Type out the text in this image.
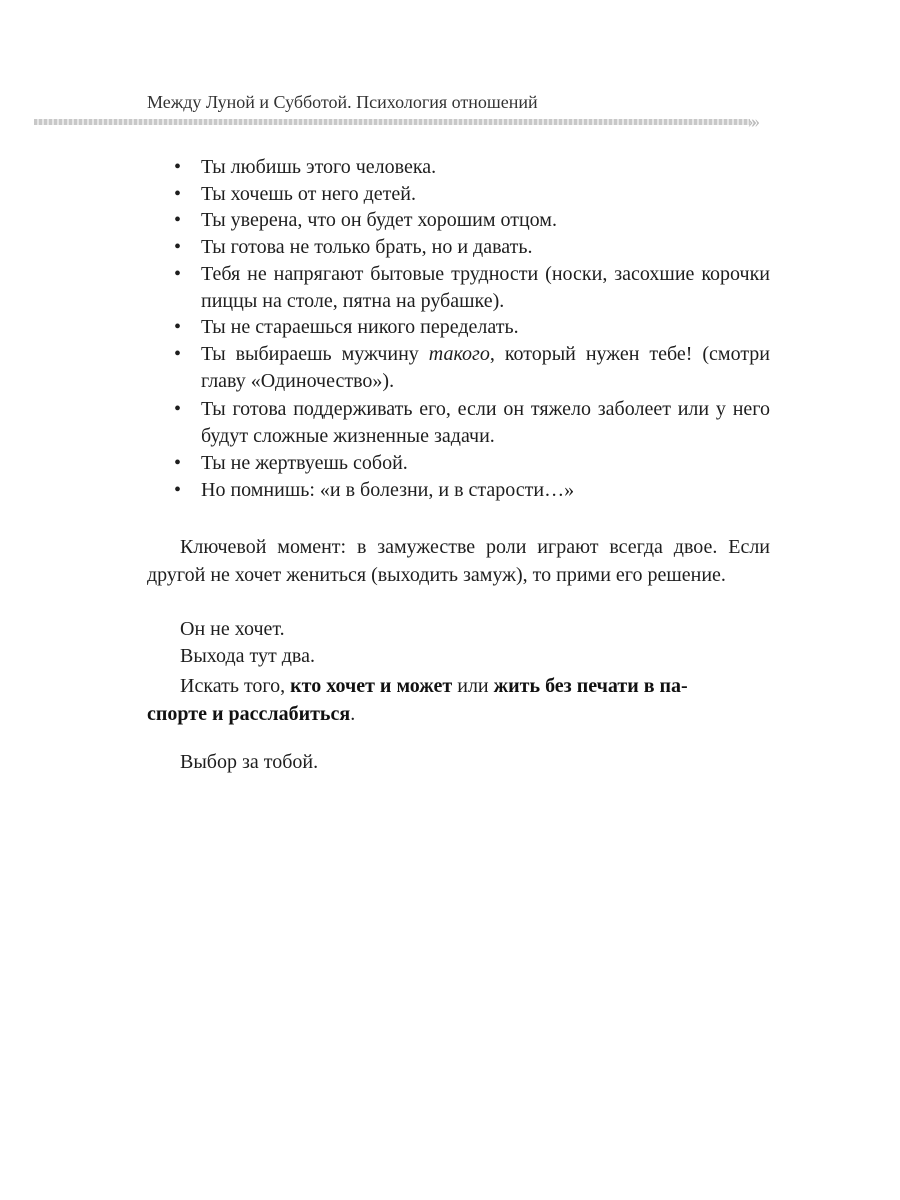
Между Луной и Субботой. Психология отношений
»»
• Ты любишь этого человека.
• Ты хочешь от него детей.
• Ты уверена, что он будет хорошим отцом.
• Ты готова не только брать, но и давать.
• Тебя не напрягают бытовые трудности (носки, засохшие корочки пиццы на столе, пятна на рубашке).
• Ты не стараешься никого переделать.
• Ты выбираешь мужчину такого, который нужен тебе! (смотри главу «Одиночество»).
• Ты готова поддерживать его, если он тяжело заболеет или у него будут сложные жизненные задачи.
• Ты не жертвуешь собой.
• Но помнишь: «и в болезни, и в старости…»
Ключевой момент: в замужестве роли играют всегда двое. Если другой не хочет жениться (выходить замуж), то прими его решение.
Он не хочет.
Выхода тут два.
Искать того, кто хочет и может или жить без печати в па-
спорте и расслабиться.
Выбор за тобой.
